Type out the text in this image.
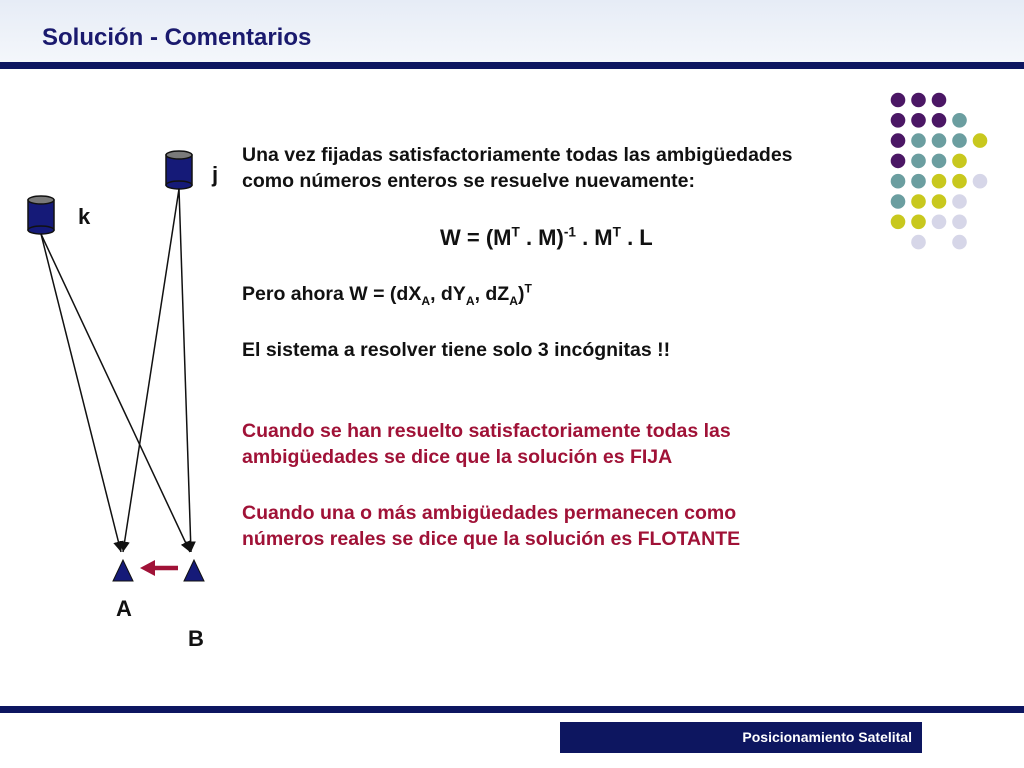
Solución - Comentarios
k
j
A
B
Una vez fijadas satisfactoriamente todas las ambigüedades
como números enteros se resuelve nuevamente:
$W = (M^T$ . M)$^{-1}$ . $M^T$ . L
Pero ahora $W = (dX_A$, $dY_A$, $dZ_A)^T$
El sistema a resolver tiene solo 3 incógnitas !!
Cuando se han resuelto satisfactoriamente todas las
ambigüedades se dice que la solución es FIJA
Cuando una o más ambigüedades permanecen como
números reales se dice que la solución es FLOTANTE
Posicionamiento Satelital
